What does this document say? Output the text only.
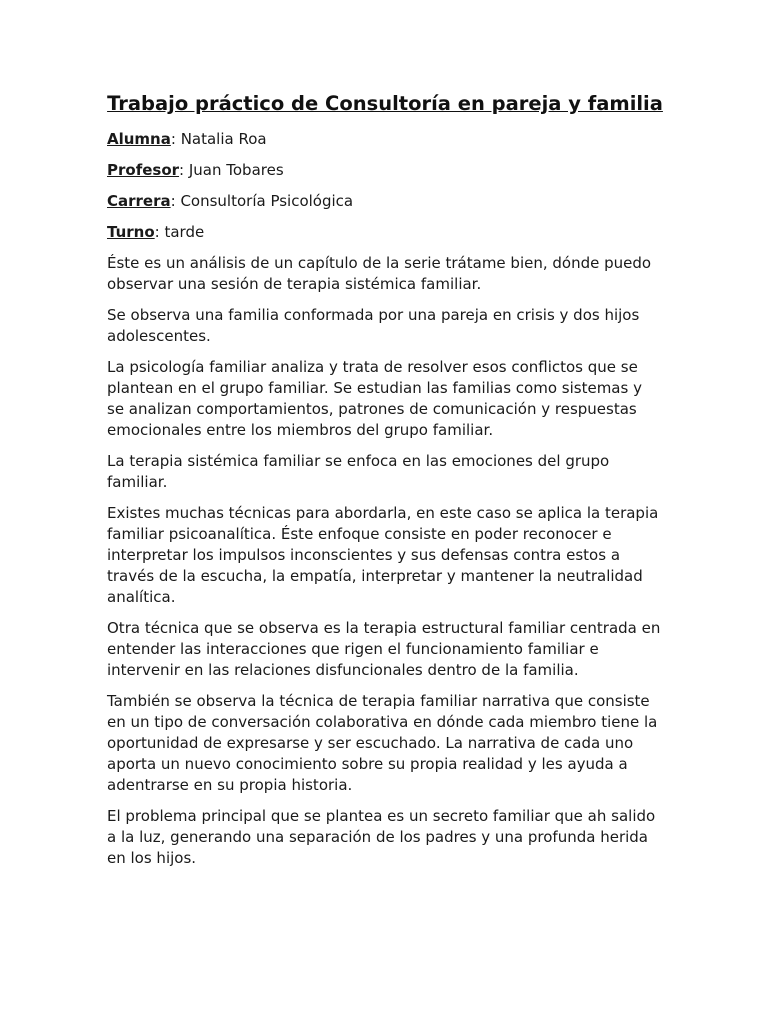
Trabajo práctico de Consultoría en pareja y familia

Alumna: Natalia Roa

Profesor: Juan Tobares

Carrera: Consultoría Psicológica

Turno: tarde

Éste es un análisis de un capítulo de la serie trátame bien, dónde puedo observar una sesión de terapia sistémica familiar.

Se observa una familia conformada por una pareja en crisis y dos hijos adolescentes.

La psicología familiar analiza y trata de resolver esos conflictos que se plantean en el grupo familiar. Se estudian las familias como sistemas y se analizan comportamientos, patrones de comunicación y respuestas emocionales entre los miembros del grupo familiar.

La terapia sistémica familiar se enfoca en las emociones del grupo familiar.

Existes muchas técnicas para abordarla, en este caso se aplica la terapia familiar psicoanalítica. Éste enfoque consiste en poder reconocer e interpretar los impulsos inconscientes y sus defensas contra estos a través de la escucha, la empatía, interpretar y mantener la neutralidad analítica.

Otra técnica que se observa es la terapia estructural familiar centrada en entender las interacciones que rigen el funcionamiento familiar e intervenir en las relaciones disfuncionales dentro de la familia.

También se observa la técnica de terapia familiar narrativa que consiste en un tipo de conversación colaborativa en dónde cada miembro tiene la oportunidad de expresarse y ser escuchado. La narrativa de cada uno aporta un nuevo conocimiento sobre su propia realidad y les ayuda a adentrarse en su propia historia.

El problema principal que se plantea es un secreto familiar que ah salido a la luz, generando una separación de los padres y una profunda herida en los hijos.
